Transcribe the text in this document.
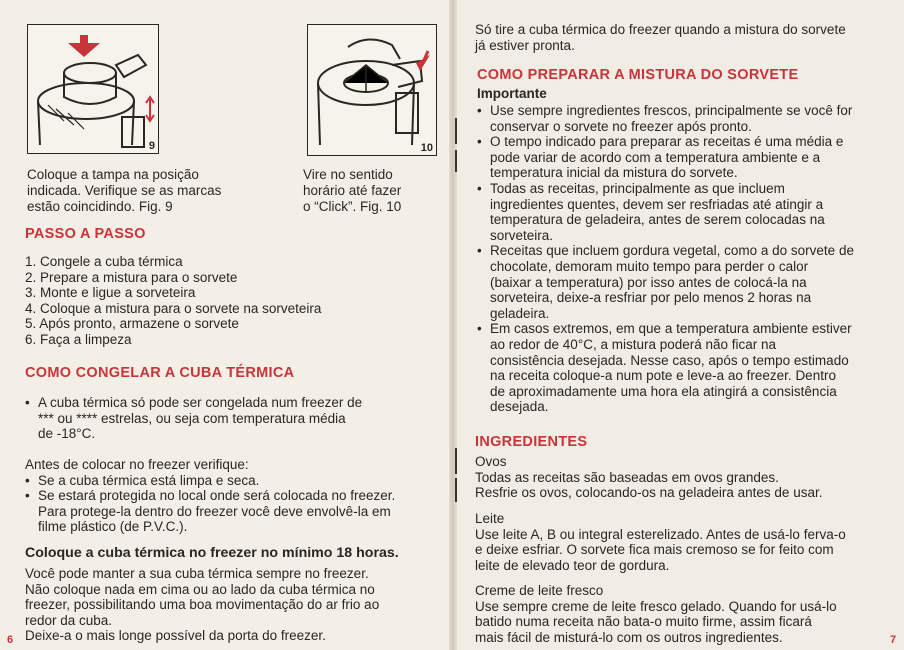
9	10
Coloque a tampa na posição
indicada. Verifique se as marcas
estão coincidindo. Fig. 9
Vire no sentido
horário até fazer
o “Click”. Fig. 10
PASSO A PASSO
1. Congele a cuba térmica
2. Prepare a mistura para o sorvete
3. Monte e ligue a sorveteira
4. Coloque a mistura para o sorvete na sorveteira
5. Após pronto, armazene o sorvete
6. Faça a limpeza
COMO CONGELAR A CUBA TÉRMICA
• A cuba térmica só pode ser congelada num freezer de
*** ou **** estrelas, ou seja com temperatura média
de -18°C.
Antes de colocar no freezer verifique:
• Se a cuba térmica está limpa e seca.
• Se estará protegida no local onde será colocada no freezer.
Para protege-la dentro do freezer você deve envolvê-la em
filme plástico (de P.V.C.).
Coloque a cuba térmica no freezer no mínimo 18 horas.
Você pode manter a sua cuba térmica sempre no freezer.
Não coloque nada em cima ou ao lado da cuba térmica no
freezer, possibilitando uma boa movimentação do ar frio ao
redor da cuba.
Deixe-a o mais longe possível da porta do freezer.
6
Só tire a cuba térmica do freezer quando a mistura do sorvete
já estiver pronta.
COMO PREPARAR A MISTURA DO SORVETE
Importante
• Use sempre ingredientes frescos, principalmente se você for
conservar o sorvete no freezer após pronto.
• O tempo indicado para preparar as receitas é uma média e
pode variar de acordo com a temperatura ambiente e a
temperatura inicial da mistura do sorvete.
• Todas as receitas, principalmente as que incluem
ingredientes quentes, devem ser resfriadas até atingir a
temperatura de geladeira, antes de serem colocadas na
sorveteira.
• Receitas que incluem gordura vegetal, como a do sorvete de
chocolate, demoram muito tempo para perder o calor
(baixar a temperatura) por isso antes de colocá-la na
sorveteira, deixe-a resfriar por pelo menos 2 horas na
geladeira.
• Em casos extremos, em que a temperatura ambiente estiver
ao redor de 40°C, a mistura poderá não ficar na
consistência desejada. Nesse caso, após o tempo estimado
na receita coloque-a num pote e leve-a ao freezer. Dentro
de aproximadamente uma hora ela atingirá a consistência
desejada.
INGREDIENTES
Ovos
Todas as receitas são baseadas em ovos grandes.
Resfrie os ovos, colocando-os na geladeira antes de usar.
Leite
Use leite A, B ou integral esterelizado. Antes de usá-lo ferva-o
e deixe esfriar. O sorvete fica mais cremoso se for feito com
leite de elevado teor de gordura.
Creme de leite fresco
Use sempre creme de leite fresco gelado. Quando for usá-lo
batido numa receita não bata-o muito firme, assim ficará
mais fácil de misturá-lo com os outros ingredientes.	7
